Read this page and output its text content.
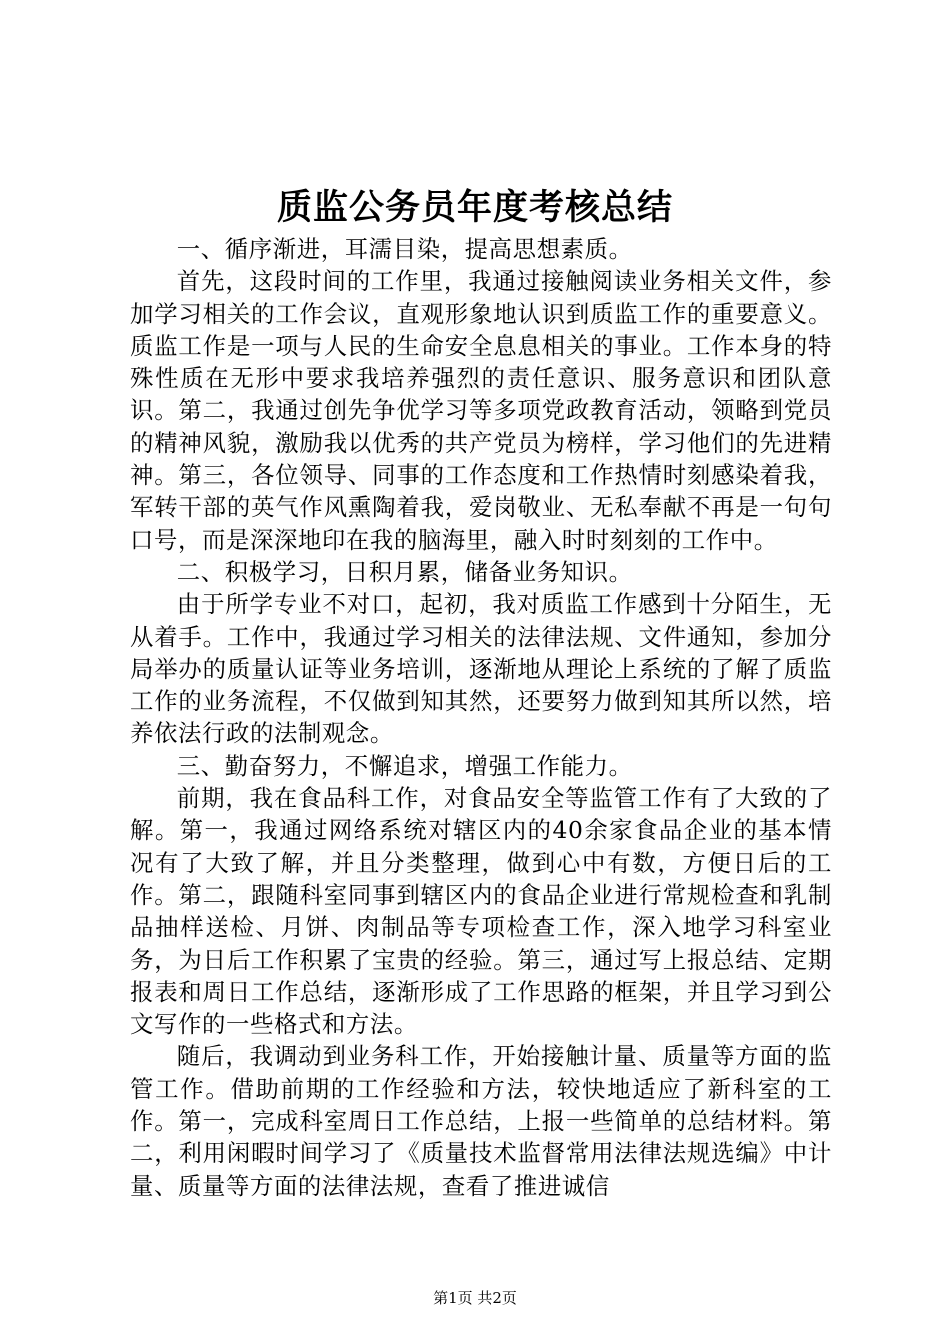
质监公务员年度考核总结

一、循序渐进，耳濡目染，提高思想素质。

首先，这段时间的工作里，我通过接触阅读业务相关文件，参加学习相关的工作会议，直观形象地认识到质监工作的重要意义。质监工作是一项与人民的生命安全息息相关的事业。工作本身的特殊性质在无形中要求我培养强烈的责任意识、服务意识和团队意识。第二，我通过创先争优学习等多项党政教育活动，领略到党员的精神风貌，激励我以优秀的共产党员为榜样，学习他们的先进精神。第三，各位领导、同事的工作态度和工作热情时刻感染着我，军转干部的英气作风熏陶着我，爱岗敬业、无私奉献不再是一句句口号，而是深深地印在我的脑海里，融入时时刻刻的工作中。

二、积极学习，日积月累，储备业务知识。

由于所学专业不对口，起初，我对质监工作感到十分陌生，无从着手。工作中，我通过学习相关的法律法规、文件通知，参加分局举办的质量认证等业务培训，逐渐地从理论上系统的了解了质监工作的业务流程，不仅做到知其然，还要努力做到知其所以然，培养依法行政的法制观念。

三、勤奋努力，不懈追求，增强工作能力。

前期，我在食品科工作，对食品安全等监管工作有了大致的了解。第一，我通过网络系统对辖区内的40余家食品企业的基本情况有了大致了解，并且分类整理，做到心中有数，方便日后的工作。第二，跟随科室同事到辖区内的食品企业进行常规检查和乳制品抽样送检、月饼、肉制品等专项检查工作，深入地学习科室业务，为日后工作积累了宝贵的经验。第三，通过写上报总结、定期报表和周日工作总结，逐渐形成了工作思路的框架，并且学习到公文写作的一些格式和方法。

随后，我调动到业务科工作，开始接触计量、质量等方面的监管工作。借助前期的工作经验和方法，较快地适应了新科室的工作。第一，完成科室周日工作总结，上报一些简单的总结材料。第二，利用闲暇时间学习了《质量技术监督常用法律法规选编》中计量、质量等方面的法律法规，查看了推进诚信

第1页 共2页
